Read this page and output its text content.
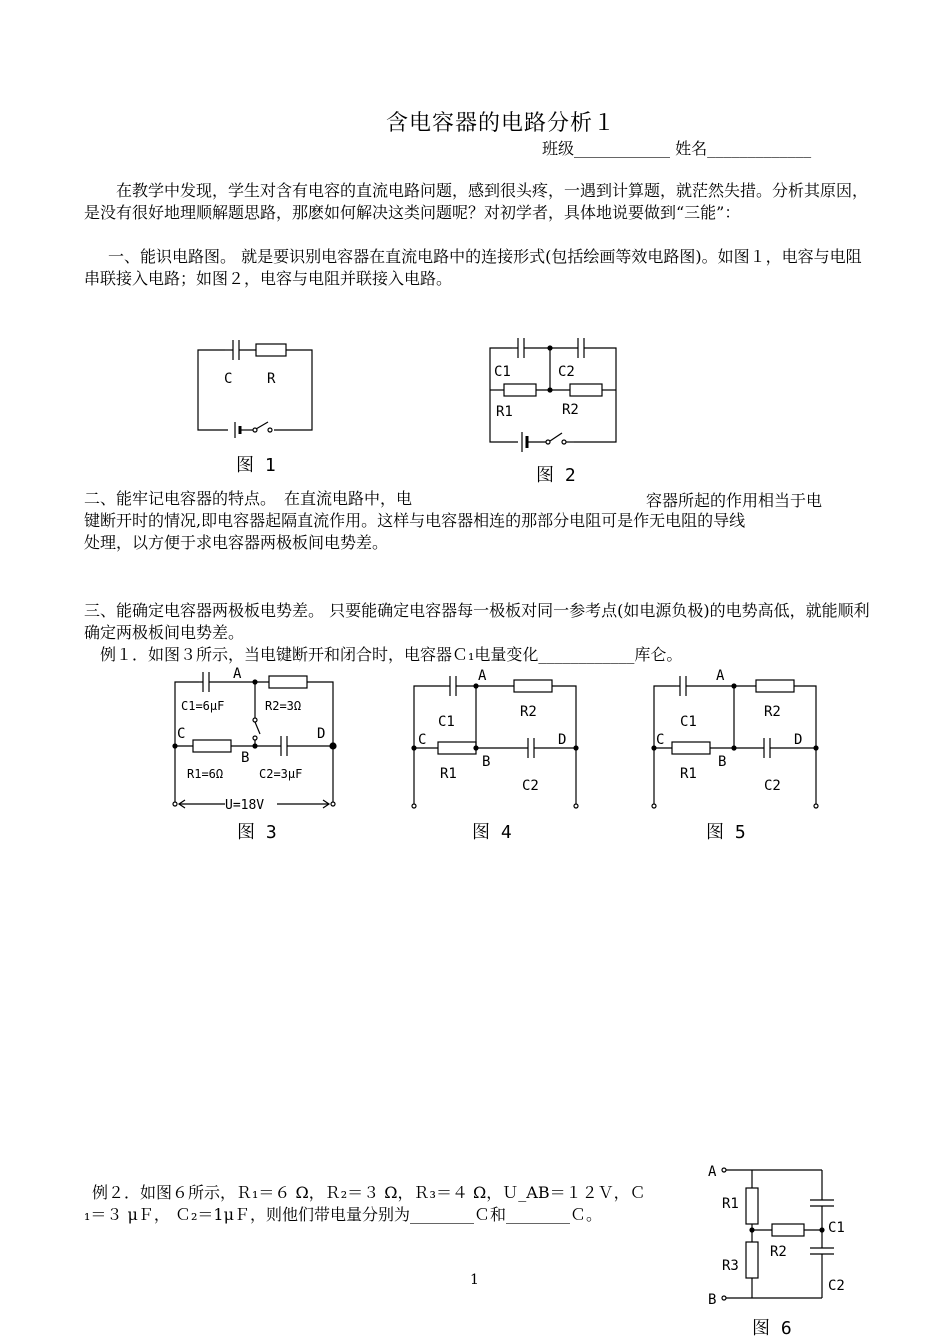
含电容器的电路分析１
班级____________ 姓名_____________
在教学中发现，学生对含有电容的直流电路问题，感到很头疼，一遇到计算题，就茫然失措。分析其原因，是没有很好地理顺解题思路，那麽如何解决这类问题呢？对初学者，具体地说要做到“三能”：
一、能识电路图。 就是要识别电容器在直流电路中的连接形式(包括绘画等效电路图)。如图１，电容与电阻串联接入电路；如图２，电容与电阻并联接入电路。
C R
图 1
C1	C2
R1	R2
图 2
二、能牢记电容器的特点。　在直流电路中，电	容器所起的作用相当于电
键断开时的情况,即电容器起隔直流作用。这样与电容器相连的那部分电阻可是作无电阻的导线
处理，以方便于求电容器两极板间电势差。
三、能确定电容器两极板电势差。 只要能确定电容器每一极板对同一参考点(如电源负极)的电势高低，就能顺利确定两极板间电势差。
例１．如图３所示，当电键断开和闭合时，电容器Ｃ₁电量变化____________库仑。
A
C1=6μF	R2=3Ω
C	D
B
R1=6Ω	C2=3μF
U=18V
图 3
A
C1
R2
C	D
B
R1
C2
图 4
A
C1
R2
C	D
B
R1
C2
图 5
例２．如图６所示，Ｒ₁＝６ Ω，Ｒ₂＝３ Ω，Ｒ₃＝４ Ω，Ｕ_AB＝１２Ｖ，Ｃ
₁＝３ μＦ， Ｃ₂＝1μＦ，则他们带电量分别为________Ｃ和________Ｃ。
A
B
R1
R2
R3
C1
C2
图 6
1
